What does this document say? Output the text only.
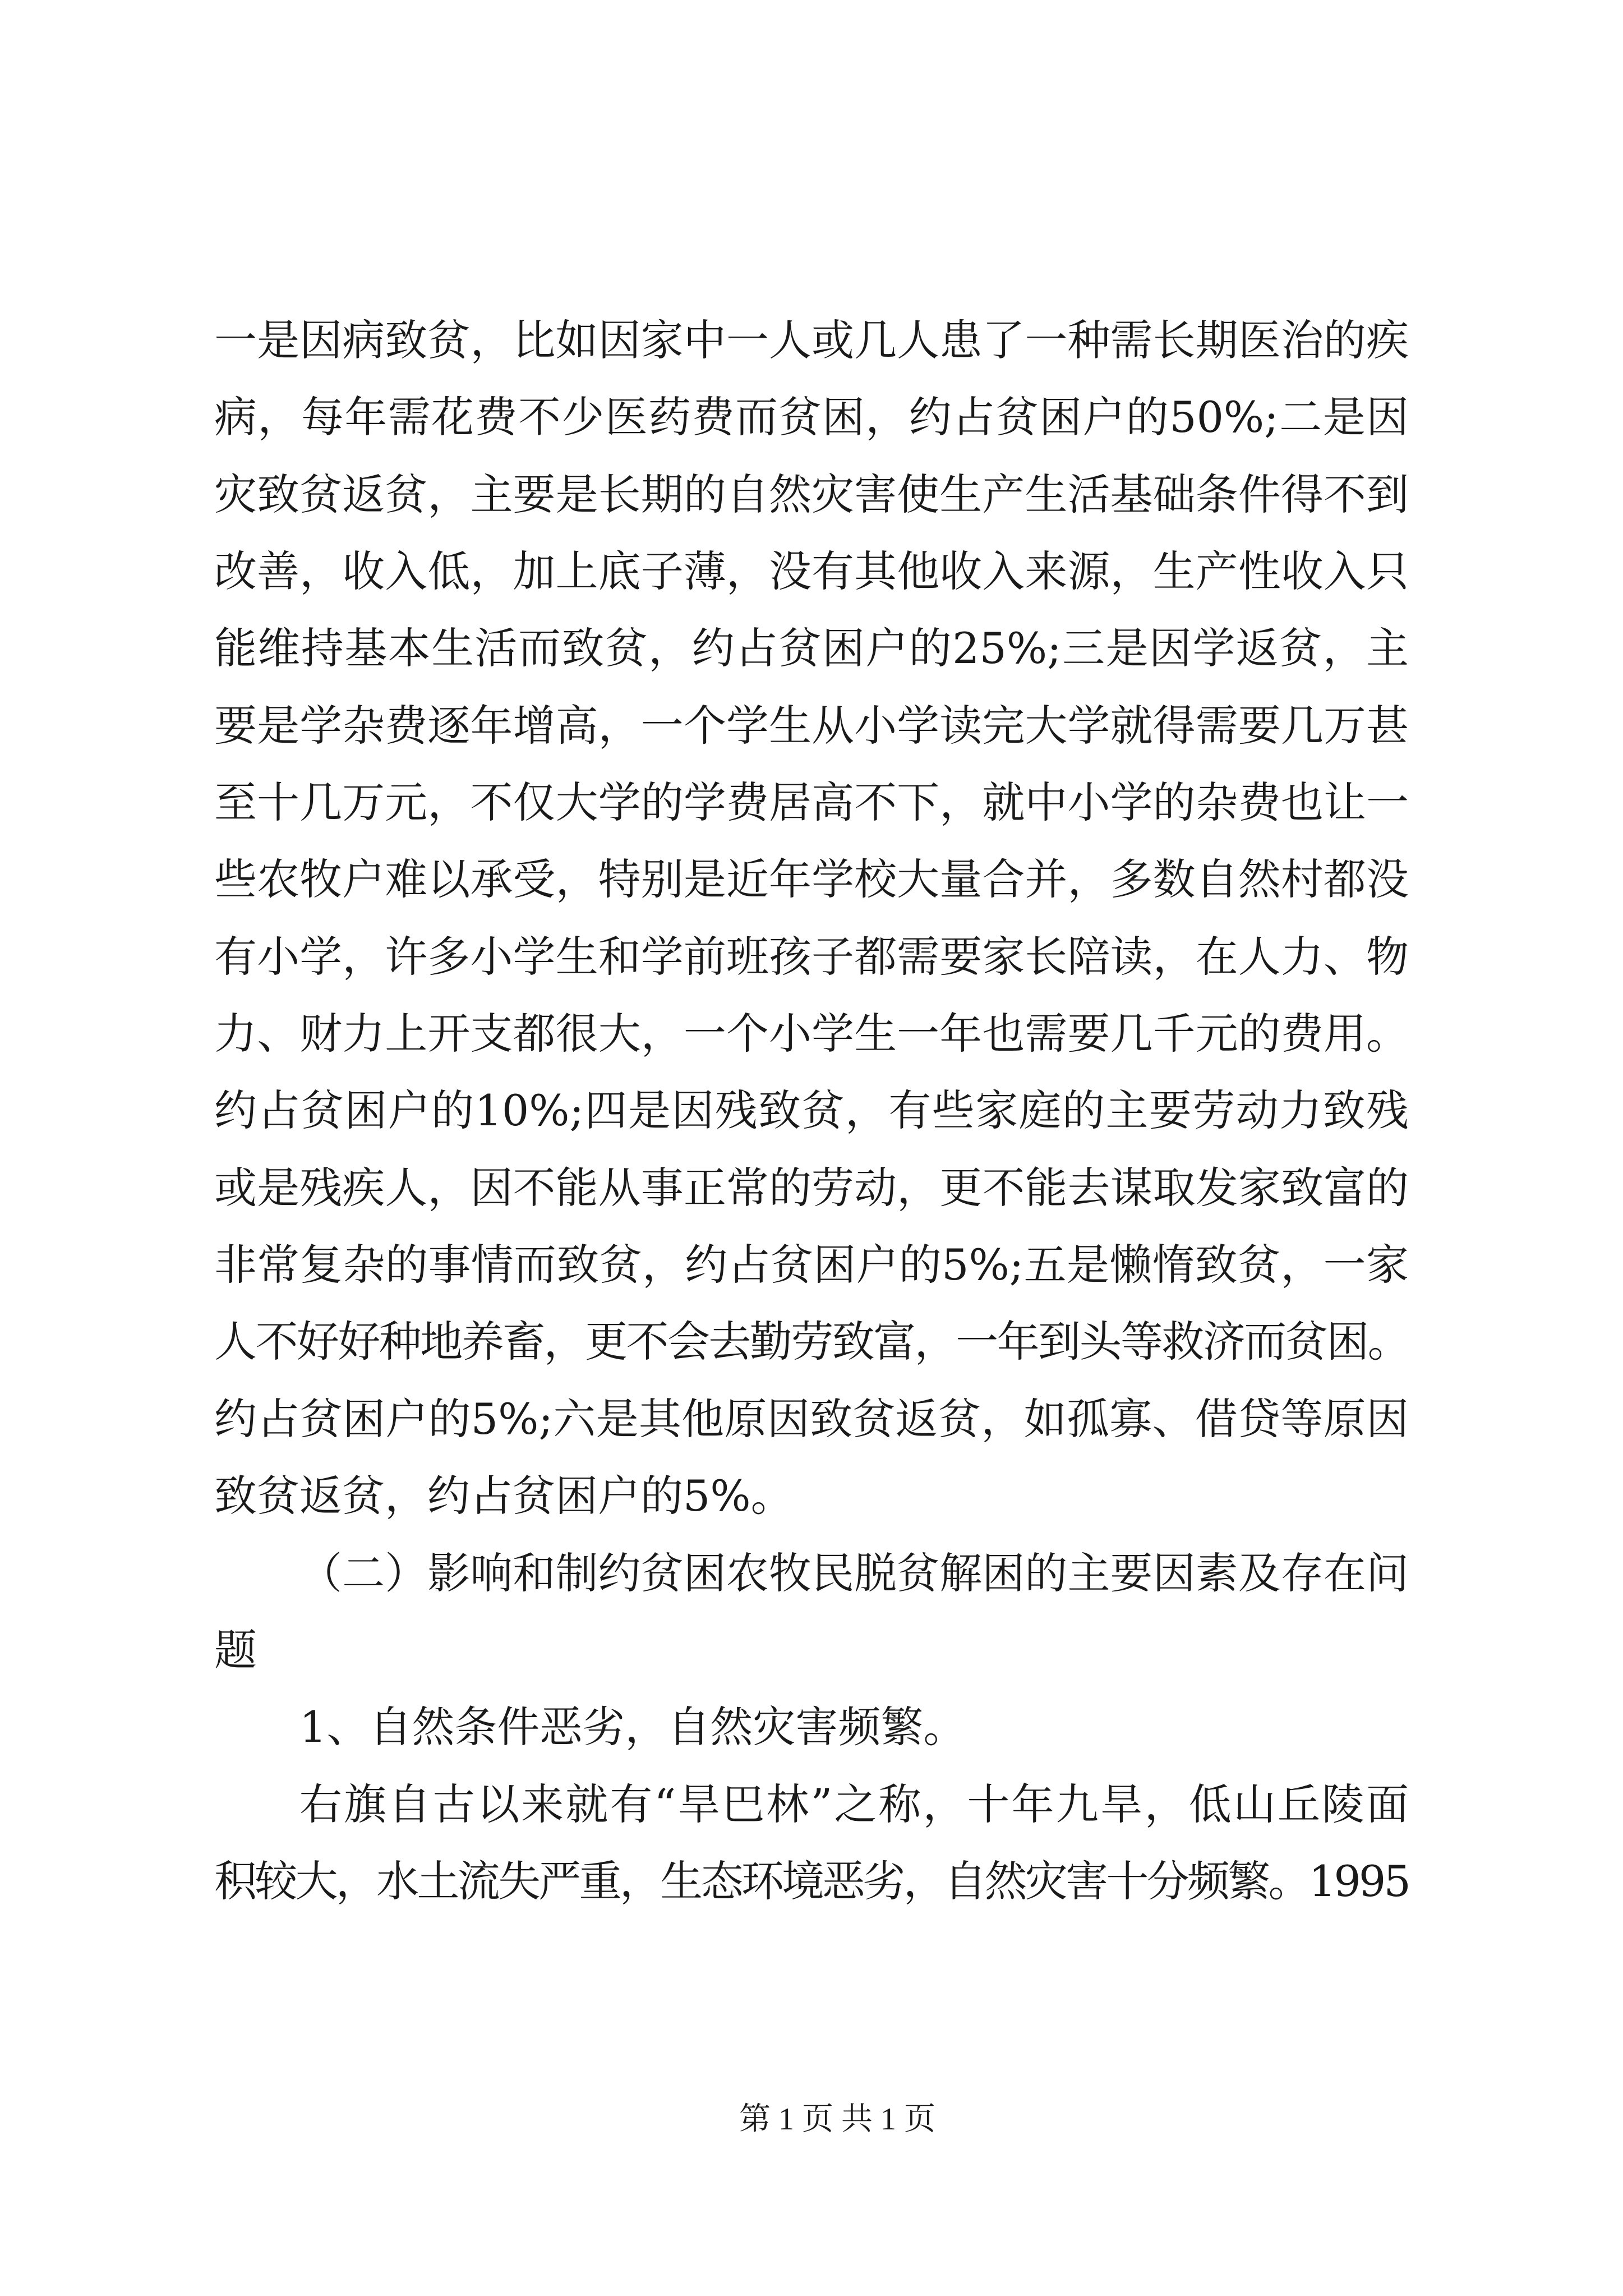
一是因病致贫，比如因家中一人或几人患了一种需长期医治的疾
病，每年需花费不少医药费而贫困，约占贫困户的50%;二是因
灾致贫返贫，主要是长期的自然灾害使生产生活基础条件得不到
改善，收入低，加上底子薄，没有其他收入来源，生产性收入只
能维持基本生活而致贫，约占贫困户的25%;三是因学返贫，主
要是学杂费逐年增高，一个学生从小学读完大学就得需要几万甚
至十几万元，不仅大学的学费居高不下，就中小学的杂费也让一
些农牧户难以承受，特别是近年学校大量合并，多数自然村都没
有小学，许多小学生和学前班孩子都需要家长陪读，在人力、物
力、财力上开支都很大，一个小学生一年也需要几千元的费用。
约占贫困户的10%;四是因残致贫，有些家庭的主要劳动力致残
或是残疾人，因不能从事正常的劳动，更不能去谋取发家致富的
非常复杂的事情而致贫，约占贫困户的5%;五是懒惰致贫，一家
人不好好种地养畜，更不会去勤劳致富，一年到头等救济而贫困。
约占贫困户的5%;六是其他原因致贫返贫，如孤寡、借贷等原因
致贫返贫，约占贫困户的5%。
（二）影响和制约贫困农牧民脱贫解困的主要因素及存在问
题
1、自然条件恶劣，自然灾害频繁。
右旗自古以来就有“旱巴林”之称，十年九旱，低山丘陵面
积较大，水土流失严重，生态环境恶劣，自然灾害十分频繁。1995
第 1 页 共 1 页
